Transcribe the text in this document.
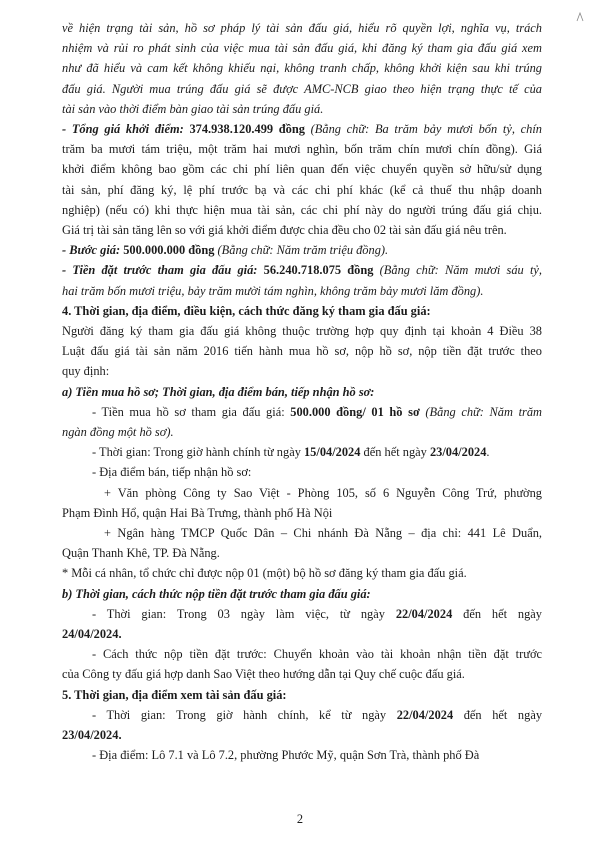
về hiện trạng tài sản, hồ sơ pháp lý tài sản đấu giá, hiểu rõ quyền lợi, nghĩa vụ, trách
nhiệm và rủi ro phát sinh của việc mua tài sản đấu giá, khi đăng ký tham gia đấu giá xem
như đã hiểu và cam kết không khiếu nại, không tranh chấp, không khởi kiện sau khi trúng
đấu giá. Người mua trúng đấu giá sẽ được AMC-NCB giao theo hiện trạng thực tế của
tài sản vào thời điểm bàn giao tài sản trúng đấu giá.
- Tổng giá khởi điểm: 374.938.120.499 đồng (Bằng chữ: Ba trăm bảy mươi bốn tỷ, chín
trăm ba mươi tám triệu, một trăm hai mươi nghìn, bốn trăm chín mươi chín đồng). Giá
khởi điểm không bao gồm các chi phí liên quan đến việc chuyển quyền sở hữu/sử dụng
tài sản, phí đăng ký, lệ phí trước bạ và các chi phí khác (kể cả thuế thu nhập doanh
nghiệp) (nếu có) khi thực hiện mua tài sản, các chi phí này do người trúng đấu giá chịu.
Giá trị tài sản tăng lên so với giá khởi điểm được chia đều cho 02 tài sản đấu giá nêu trên.
- Bước giá: 500.000.000 đồng (Bằng chữ: Năm trăm triệu đồng).
- Tiền đặt trước tham gia đấu giá: 56.240.718.075 đồng (Bằng chữ: Năm mươi sáu tỷ,
hai trăm bốn mươi triệu, bảy trăm mười tám nghìn, không trăm bảy mươi lăm đồng).
4. Thời gian, địa điểm, điều kiện, cách thức đăng ký tham gia đấu giá:
Người đăng ký tham gia đấu giá không thuộc trường hợp quy định tại khoản 4 Điều 38
Luật đấu giá tài sản năm 2016 tiến hành mua hồ sơ, nộp hồ sơ, nộp tiền đặt trước theo
quy định:
a) Tiền mua hồ sơ; Thời gian, địa điểm bán, tiếp nhận hồ sơ:
- Tiền mua hồ sơ tham gia đấu giá: 500.000 đồng/ 01 hồ sơ (Bằng chữ: Năm trăm
ngàn đồng một hồ sơ).
- Thời gian: Trong giờ hành chính từ ngày 15/04/2024 đến hết ngày 23/04/2024.
- Địa điểm bán, tiếp nhận hồ sơ:
+ Văn phòng Công ty Sao Việt - Phòng 105, số 6 Nguyễn Công Trứ, phường
Phạm Đình Hổ, quận Hai Bà Trưng, thành phố Hà Nội
+ Ngân hàng TMCP Quốc Dân – Chi nhánh Đà Nẵng – địa chỉ: 441 Lê Duẩn,
Quận Thanh Khê, TP. Đà Nẵng.
* Mỗi cá nhân, tổ chức chỉ được nộp 01 (một) bộ hồ sơ đăng ký tham gia đấu giá.
b) Thời gian, cách thức nộp tiền đặt trước tham gia đấu giá:
- Thời gian: Trong 03 ngày làm việc, từ ngày 22/04/2024 đến hết ngày
24/04/2024.
- Cách thức nộp tiền đặt trước: Chuyển khoản vào tài khoản nhận tiền đặt trước
của Công ty đấu giá hợp danh Sao Việt theo hướng dẫn tại Quy chế cuộc đấu giá.
5. Thời gian, địa điểm xem tài sản đấu giá:
- Thời gian: Trong giờ hành chính, kể từ ngày 22/04/2024 đến hết ngày
23/04/2024.
- Địa điểm: Lô 7.1 và Lô 7.2, phường Phước Mỹ, quận Sơn Trà, thành phố Đà
2
